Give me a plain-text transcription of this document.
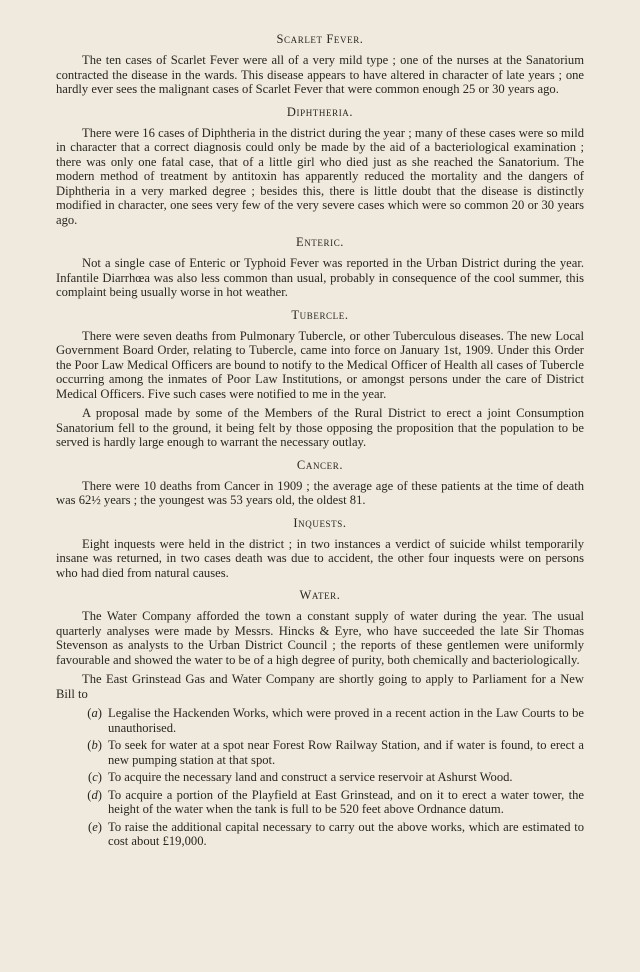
Scarlet Fever.

The ten cases of Scarlet Fever were all of a very mild type ; one of the nurses at the Sanatorium contracted the disease in the wards. This disease appears to have altered in character of late years ; one hardly ever sees the malignant cases of Scarlet Fever that were common enough 25 or 30 years ago.

Diphtheria.

There were 16 cases of Diphtheria in the district during the year ; many of these cases were so mild in character that a correct diagnosis could only be made by the aid of a bacteriological examination ; there was only one fatal case, that of a little girl who died just as she reached the Sanatorium. The modern method of treatment by antitoxin has apparently reduced the mortality and the dangers of Diphtheria in a very marked degree ; besides this, there is little doubt that the disease is distinctly modified in character, one sees very few of the very severe cases which were so common 20 or 30 years ago.

Enteric.

Not a single case of Enteric or Typhoid Fever was reported in the Urban District during the year. Infantile Diarrhœa was also less common than usual, probably in consequence of the cool summer, this complaint being usually worse in hot weather.

Tubercle.

There were seven deaths from Pulmonary Tubercle, or other Tuberculous diseases. The new Local Government Board Order, relating to Tubercle, came into force on January 1st, 1909. Under this Order the Poor Law Medical Officers are bound to notify to the Medical Officer of Health all cases of Tubercle occurring among the inmates of Poor Law Institutions, or amongst persons under the care of District Medical Officers. Five such cases were notified to me in the year.

A proposal made by some of the Members of the Rural District to erect a joint Consumption Sanatorium fell to the ground, it being felt by those opposing the proposition that the population to be served is hardly large enough to warrant the necessary outlay.

Cancer.

There were 10 deaths from Cancer in 1909 ; the average age of these patients at the time of death was 62½ years ; the youngest was 53 years old, the oldest 81.

Inquests.

Eight inquests were held in the district ; in two instances a verdict of suicide whilst temporarily insane was returned, in two cases death was due to accident, the other four inquests were on persons who had died from natural causes.

Water.

The Water Company afforded the town a constant supply of water during the year. The usual quarterly analyses were made by Messrs. Hincks & Eyre, who have succeeded the late Sir Thomas Stevenson as analysts to the Urban District Council ; the reports of these gentlemen were uniformly favourable and showed the water to be of a high degree of purity, both chemically and bacteriologically.

The East Grinstead Gas and Water Company are shortly going to apply to Parliament for a New Bill to

(a) Legalise the Hackenden Works, which were proved in a recent action in the Law Courts to be unauthorised.
(b) To seek for water at a spot near Forest Row Railway Station, and if water is found, to erect a new pumping station at that spot.
(c) To acquire the necessary land and construct a service reservoir at Ashurst Wood.
(d) To acquire a portion of the Playfield at East Grinstead, and on it to erect a water tower, the height of the water when the tank is full to be 520 feet above Ordnance datum.
(e) To raise the additional capital necessary to carry out the above works, which are estimated to cost about £19,000.
